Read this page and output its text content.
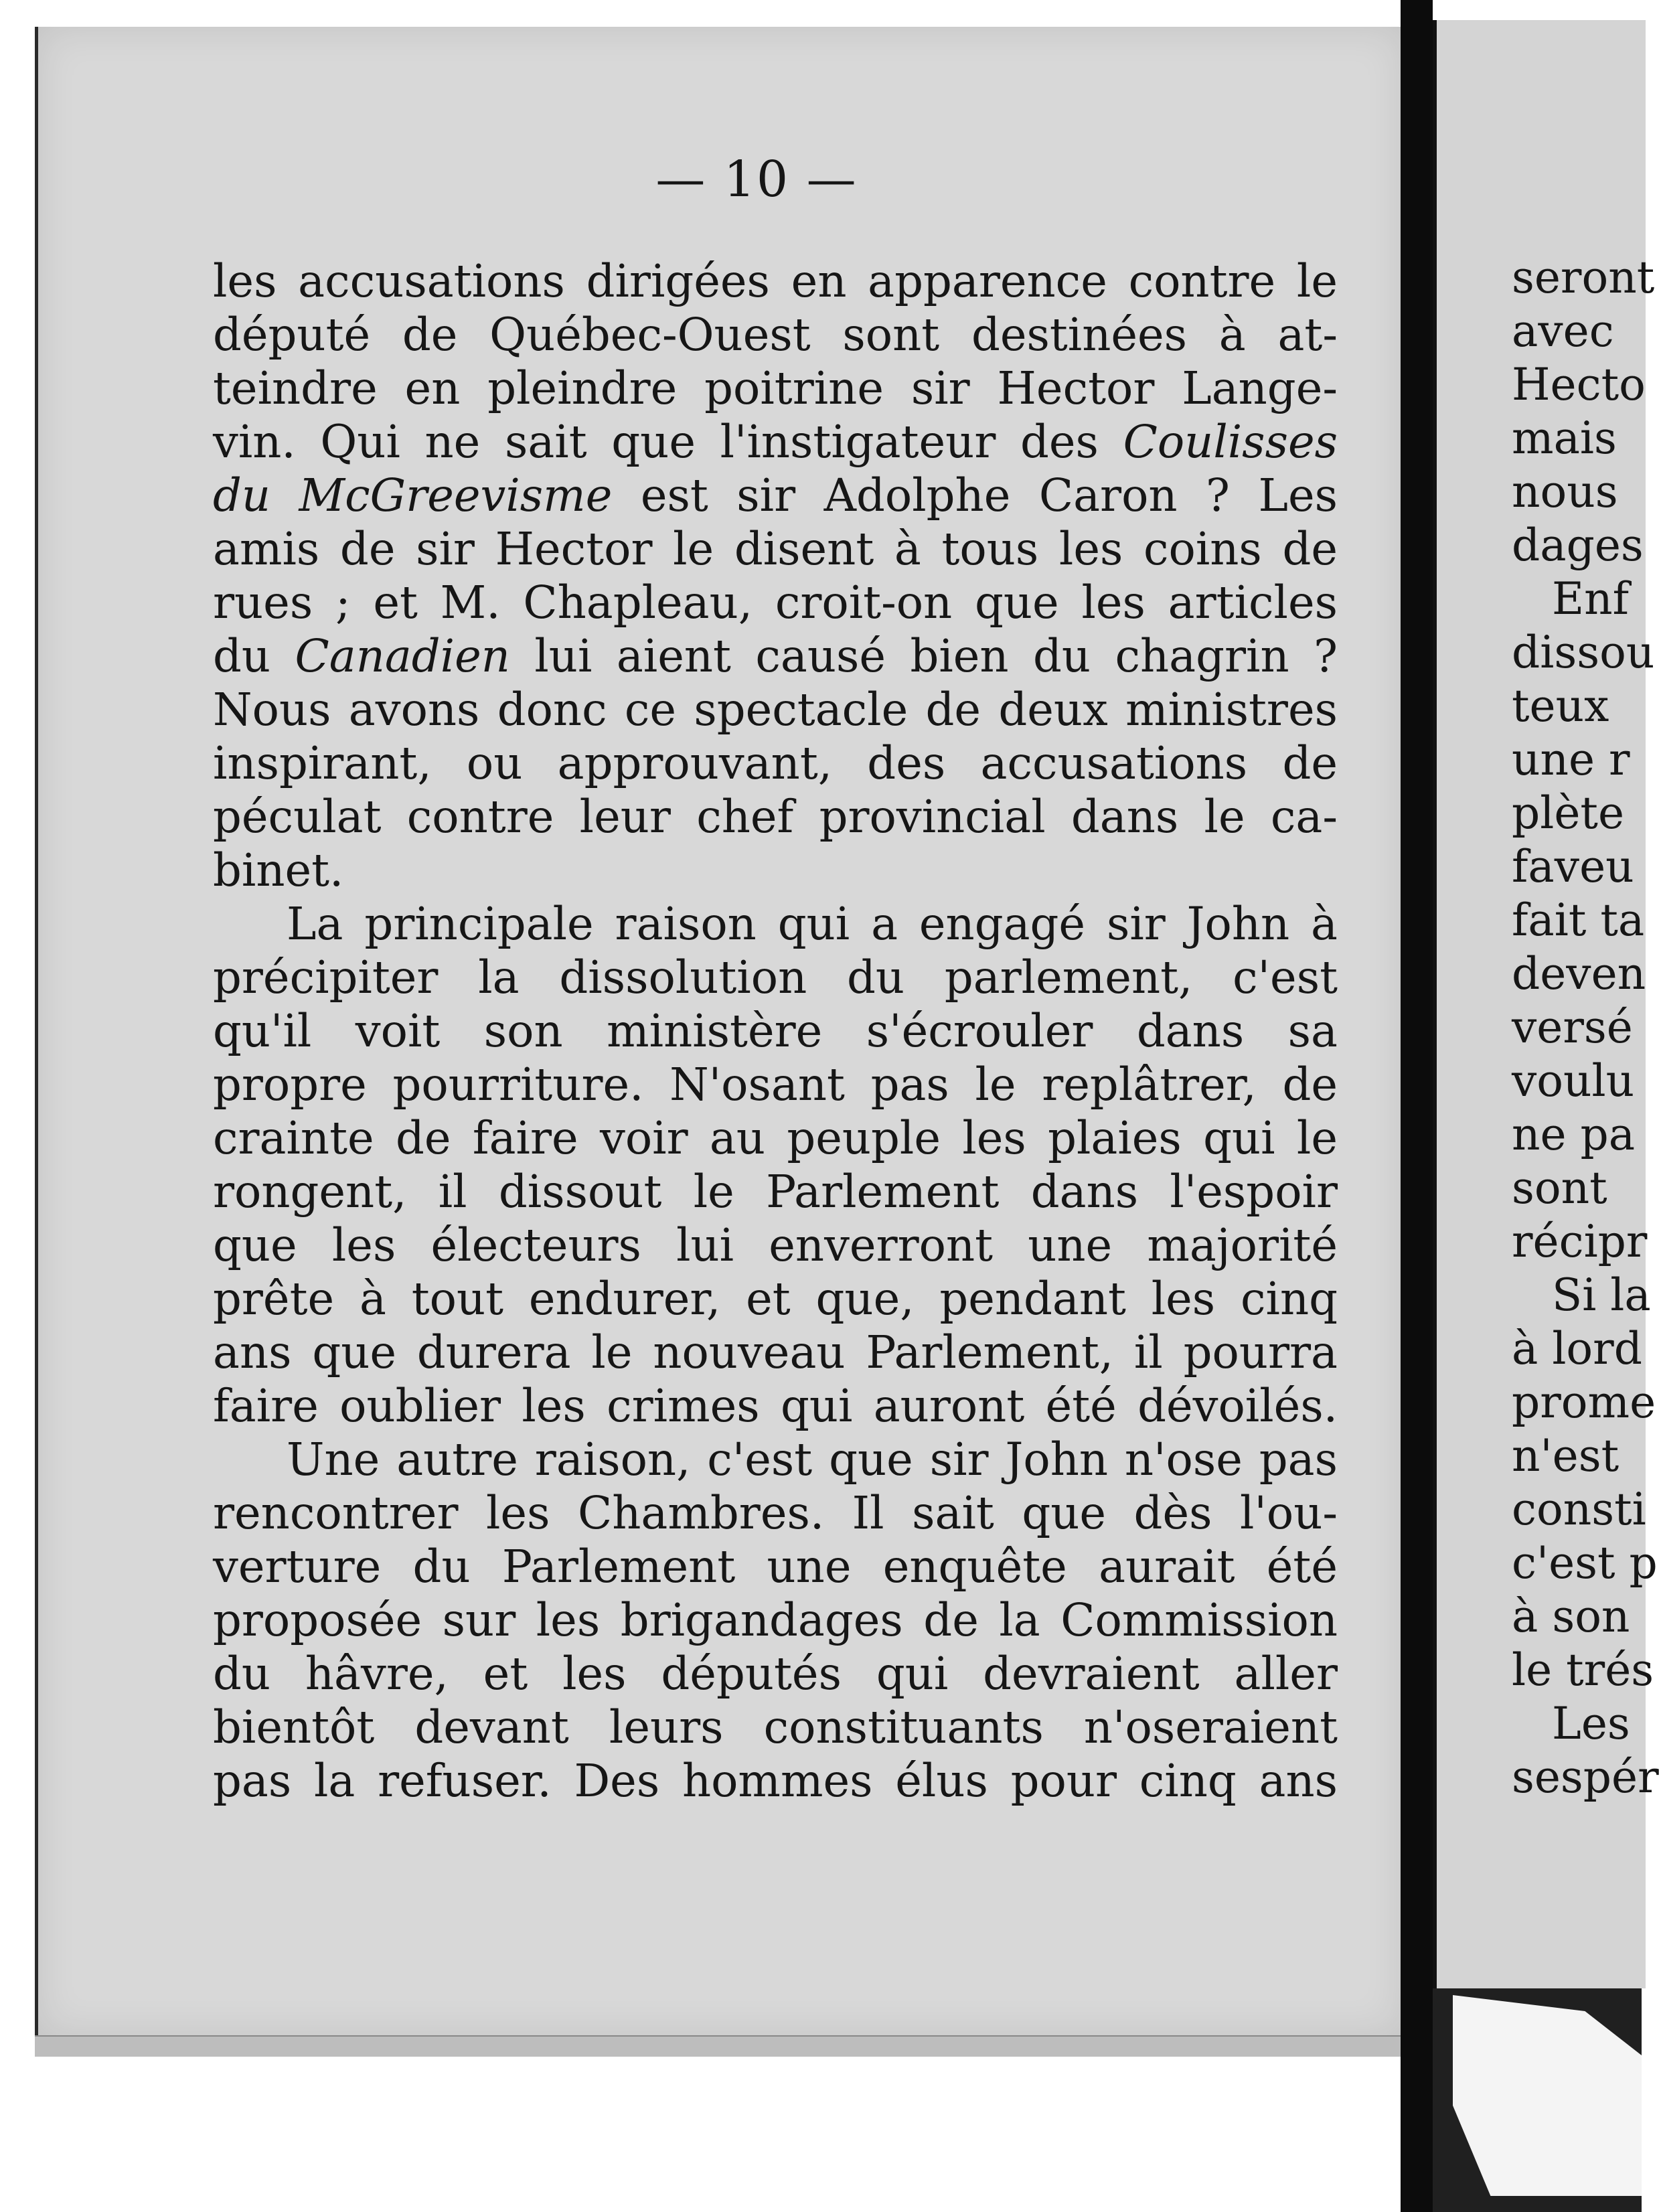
— 10 —

les accusations dirigées en apparence contre le

député de Québec-Ouest sont destinées à at-

teindre en pleindre poitrine sir Hector Lange-

vin. Qui ne sait que l'instigateur des Coulisses

du McGreevisme est sir Adolphe Caron ? Les

amis de sir Hector le disent à tous les coins de

rues ; et M. Chapleau, croit-on que les articles

du Canadien lui aient causé bien du chagrin ?

Nous avons donc ce spectacle de deux ministres

inspirant, ou approuvant, des accusations de

péculat contre leur chef provincial dans le ca-

binet.

La principale raison qui a engagé sir John à

précipiter la dissolution du parlement, c'est

qu'il voit son ministère s'écrouler dans sa

propre pourriture. N'osant pas le replâtrer, de

crainte de faire voir au peuple les plaies qui le

rongent, il dissout le Parlement dans l'espoir

que les électeurs lui enverront une majorité

prête à tout endurer, et que, pendant les cinq

ans que durera le nouveau Parlement, il pourra

faire oublier les crimes qui auront été dévoilés.

Une autre raison, c'est que sir John n'ose pas

rencontrer les Chambres. Il sait que dès l'ou-

verture du Parlement une enquête aurait été

proposée sur les brigandages de la Commission

du hâvre, et les députés qui devraient aller

bientôt devant leurs constituants n'oseraient

pas la refuser. Des hommes élus pour cinq ans

seront

avec

Hecto

mais

nous

dages

Enf

dissou

teux

une r

plète

faveu

fait ta

deven

versé

voulu

ne pa

sont

récipr

Si la

à lord

prome

n'est

consti

c'est p

à son

le trés

Les

sespér
